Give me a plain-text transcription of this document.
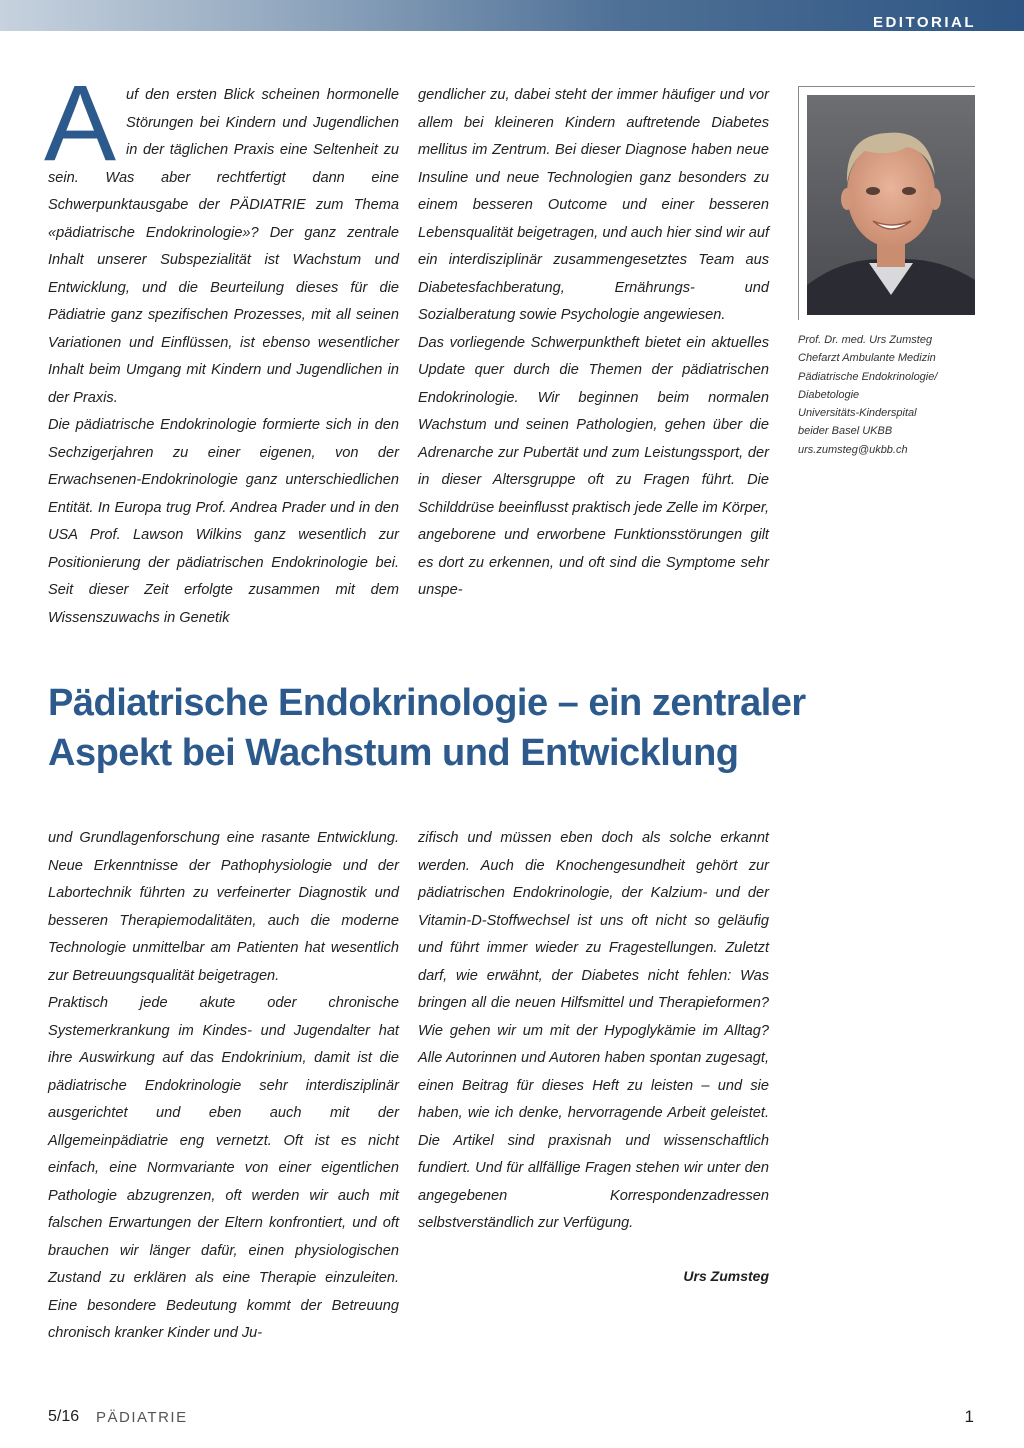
EDITORIAL

Auf den ersten Blick scheinen hormonelle Störungen bei Kindern und Jugendlichen in der täglichen Praxis eine Seltenheit zu sein. Was aber rechtfertigt dann eine Schwerpunktausgabe der PÄDIATRIE zum Thema «pädiatrische Endokrinologie»? Der ganz zentrale Inhalt unserer Subspezialität ist Wachstum und Entwicklung, und die Beurteilung dieses für die Pädiatrie ganz spezifischen Prozesses, mit all seinen Variationen und Einflüssen, ist ebenso wesentlicher Inhalt beim Umgang mit Kindern und Jugendlichen in der Praxis.

Die pädiatrische Endokrinologie formierte sich in den Sechzigerjahren zu einer eigenen, von der Erwachsenen-Endokrinologie ganz unterschiedlichen Entität. In Europa trug Prof. Andrea Prader und in den USA Prof. Lawson Wilkins ganz wesentlich zur Positionierung der pädiatrischen Endokrinologie bei. Seit dieser Zeit erfolgte zusammen mit dem Wissenszuwachs in Genetik

gendlicher zu, dabei steht der immer häufiger und vor allem bei kleineren Kindern auftretende Diabetes mellitus im Zentrum. Bei dieser Diagnose haben neue Insuline und neue Technologien ganz besonders zu einem besseren Outcome und einer besseren Lebensqualität beigetragen, und auch hier sind wir auf ein interdisziplinär zusammengesetztes Team aus Diabetesfachberatung, Ernährungs- und Sozialberatung sowie Psychologie angewiesen.

Das vorliegende Schwerpunktheft bietet ein aktuelles Update quer durch die Themen der pädiatrischen Endokrinologie. Wir beginnen beim normalen Wachstum und seinen Pathologien, gehen über die Adrenarche zur Pubertät und zum Leistungssport, der in dieser Altersgruppe oft zu Fragen führt. Die Schilddrüse beeinflusst praktisch jede Zelle im Körper, angeborene und erworbene Funktionsstörungen gilt es dort zu erkennen, und oft sind die Symptome sehr unspe-

Prof. Dr. med. Urs Zumsteg
Chefarzt Ambulante Medizin
Pädiatrische Endokrinologie/
Diabetologie
Universitäts-Kinderspital
beider Basel UKBB
urs.zumsteg@ukbb.ch
Pädiatrische Endokrinologie – ein zentraler
Aspekt bei Wachstum und Entwicklung

und Grundlagenforschung eine rasante Entwicklung. Neue Erkenntnisse der Pathophysiologie und der Labortechnik führten zu verfeinerter Diagnostik und besseren Therapiemodalitäten, auch die moderne Technologie unmittelbar am Patienten hat wesentlich zur Betreuungsqualität beigetragen.

Praktisch jede akute oder chronische Systemerkrankung im Kindes- und Jugendalter hat ihre Auswirkung auf das Endokrinium, damit ist die pädiatrische Endokrinologie sehr interdisziplinär ausgerichtet und eben auch mit der Allgemeinpädiatrie eng vernetzt. Oft ist es nicht einfach, eine Normvariante von einer eigentlichen Pathologie abzugrenzen, oft werden wir auch mit falschen Erwartungen der Eltern konfrontiert, und oft brauchen wir länger dafür, einen physiologischen Zustand zu erklären als eine Therapie einzuleiten. Eine besondere Bedeutung kommt der Betreuung chronisch kranker Kinder und Ju-

zifisch und müssen eben doch als solche erkannt werden. Auch die Knochengesundheit gehört zur pädiatrischen Endokrinologie, der Kalzium- und der Vitamin-D-Stoffwechsel ist uns oft nicht so geläufig und führt immer wieder zu Fragestellungen. Zuletzt darf, wie erwähnt, der Diabetes nicht fehlen: Was bringen all die neuen Hilfsmittel und Therapieformen? Wie gehen wir um mit der Hypoglykämie im Alltag? Alle Autorinnen und Autoren haben spontan zugesagt, einen Beitrag für dieses Heft zu leisten – und sie haben, wie ich denke, hervorragende Arbeit geleistet. Die Artikel sind praxisnah und wissenschaftlich fundiert. Und für allfällige Fragen stehen wir unter den angegebenen Korrespondenzadressen selbstverständlich zur Verfügung.

Urs Zumsteg
5/16 PÄDIATRIE	1
